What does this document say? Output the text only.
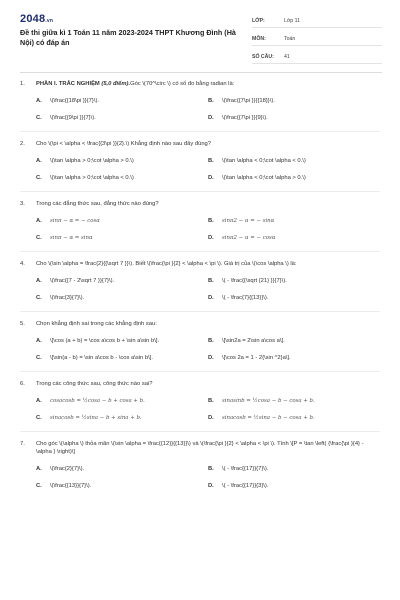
2048.vn
Đề thi giữa kì 1 Toán 11 năm 2023-2024 THPT Khương Đình (Hà Nội) có đáp án
LỚP:	Lớp 11
MÔN:	Toán
SỐ CÂU:	41
1.	PHẦN I. TRẮC NGHIỆM (5,0 điểm).Góc \(70^\circ \) có số đo bằng radian là:
A.	\(\frac{{18\pi }}{7}\).	B.	\(\frac{{7\pi }}{{18}}\).
C.	\(\frac{{9\pi }}{7}\).	D.	\(\frac{{7\pi }}{9}\).
2.	Cho \(\pi < \alpha < \frac{{3\pi }}{2}.\) Khẳng định nào sau đây đúng?
A.	\(\tan \alpha > 0;\cot \alpha > 0.\)	B.	\(\tan \alpha < 0;\cot \alpha < 0.\)
C.	\(\tan \alpha > 0;\cot \alpha < 0.\)	D.	\(\tan \alpha < 0;\cot \alpha > 0.\)
3.	Trong các đẳng thức sau, đẳng thức nào đúng?
A.	sinπ − α = − cosα	B.	sinπ2 − α = − sinα
C.	sinπ − α = sinα	D.	sinπ2 − α = − cosα
4.	Cho \(\sin \alpha = \frac{2}{{\sqrt 7 }}\). Biết \(\frac{\pi }{2} < \alpha < \pi \). Giá trị của \(\cos \alpha \) là:
A.	\(\frac{{7 - 2\sqrt 7 }}{7}\).	B.	\( - \frac{{\sqrt {21} }}{7}\).
C.	\(\frac{3}{7}\).	D.	\( - \frac{7}{{13}}\).
5.	Chọn khẳng định sai trong các khẳng định sau:
A.	\[\cos (a + b) = \cos a\cos b + \sin a\sin b\].	B.	\[\sin2a = 2\sin a\cos a\].
C.	\[\sin(a - b) = \sin a\cos b - \cos a\sin b\].	D.	\[\cos 2a = 1 - 2{\sin ^2}a\].
6.	Trong các công thức sau, công thức nào sai?
A.	cosacosb = ½cosa − b + cosa + b.	B.	sinasinb = ½cosa − b − cosa + b.
C.	sinacosb = ½sina − b + sina + b.	D.	sinacosb = ½sina − b − cosa + b.
7.	Cho góc \(\alpha \) thỏa mãn \(\sin \alpha = \frac{{12}}{{13}}\) và \(\frac{\pi }{2} < \alpha < \pi \). Tính \[P = \tan \left( {\frac{\pi }{4} - \alpha } \right)\]
A.	\(\frac{2}{7}\).	B.	\( - \frac{{17}}{7}\).
C.	\(\frac{{13}}{7}\).	D.	\( - \frac{{17}}{3}\).
